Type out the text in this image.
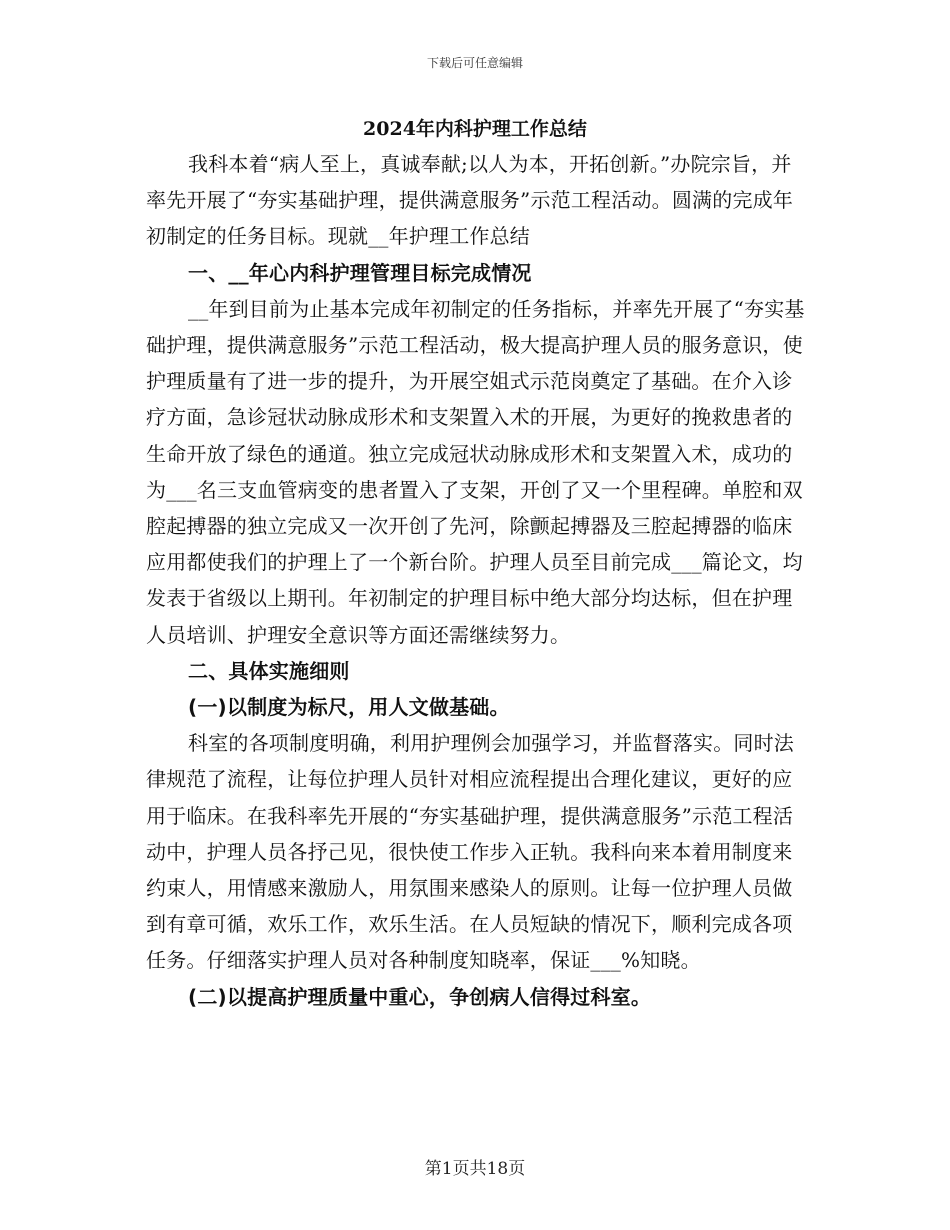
下载后可任意编辑
2024年内科护理工作总结

我科本着“病人至上，真诚奉献;以人为本，开拓创新。”办院宗旨，并率先开展了“夯实基础护理，提供满意服务”示范工程活动。圆满的完成年初制定的任务目标。现就__年护理工作总结

一、__年心内科护理管理目标完成情况

__年到目前为止基本完成年初制定的任务指标，并率先开展了“夯实基础护理，提供满意服务”示范工程活动，极大提高护理人员的服务意识，使护理质量有了进一步的提升，为开展空姐式示范岗奠定了基础。在介入诊疗方面，急诊冠状动脉成形术和支架置入术的开展，为更好的挽救患者的生命开放了绿色的通道。独立完成冠状动脉成形术和支架置入术，成功的为___名三支血管病变的患者置入了支架，开创了又一个里程碑。单腔和双腔起搏器的独立完成又一次开创了先河，除颤起搏器及三腔起搏器的临床应用都使我们的护理上了一个新台阶。护理人员至目前完成___篇论文，均发表于省级以上期刊。年初制定的护理目标中绝大部分均达标，但在护理人员培训、护理安全意识等方面还需继续努力。

二、具体实施细则

(一)以制度为标尺，用人文做基础。

科室的各项制度明确，利用护理例会加强学习，并监督落实。同时法律规范了流程，让每位护理人员针对相应流程提出合理化建议，更好的应用于临床。在我科率先开展的“夯实基础护理，提供满意服务”示范工程活动中，护理人员各抒己见，很快使工作步入正轨。我科向来本着用制度来约束人，用情感来激励人，用氛围来感染人的原则。让每一位护理人员做到有章可循，欢乐工作，欢乐生活。在人员短缺的情况下，顺利完成各项任务。仔细落实护理人员对各种制度知晓率，保证___%知晓。

(二)以提高护理质量中重心，争创病人信得过科室。

第1页共18页
